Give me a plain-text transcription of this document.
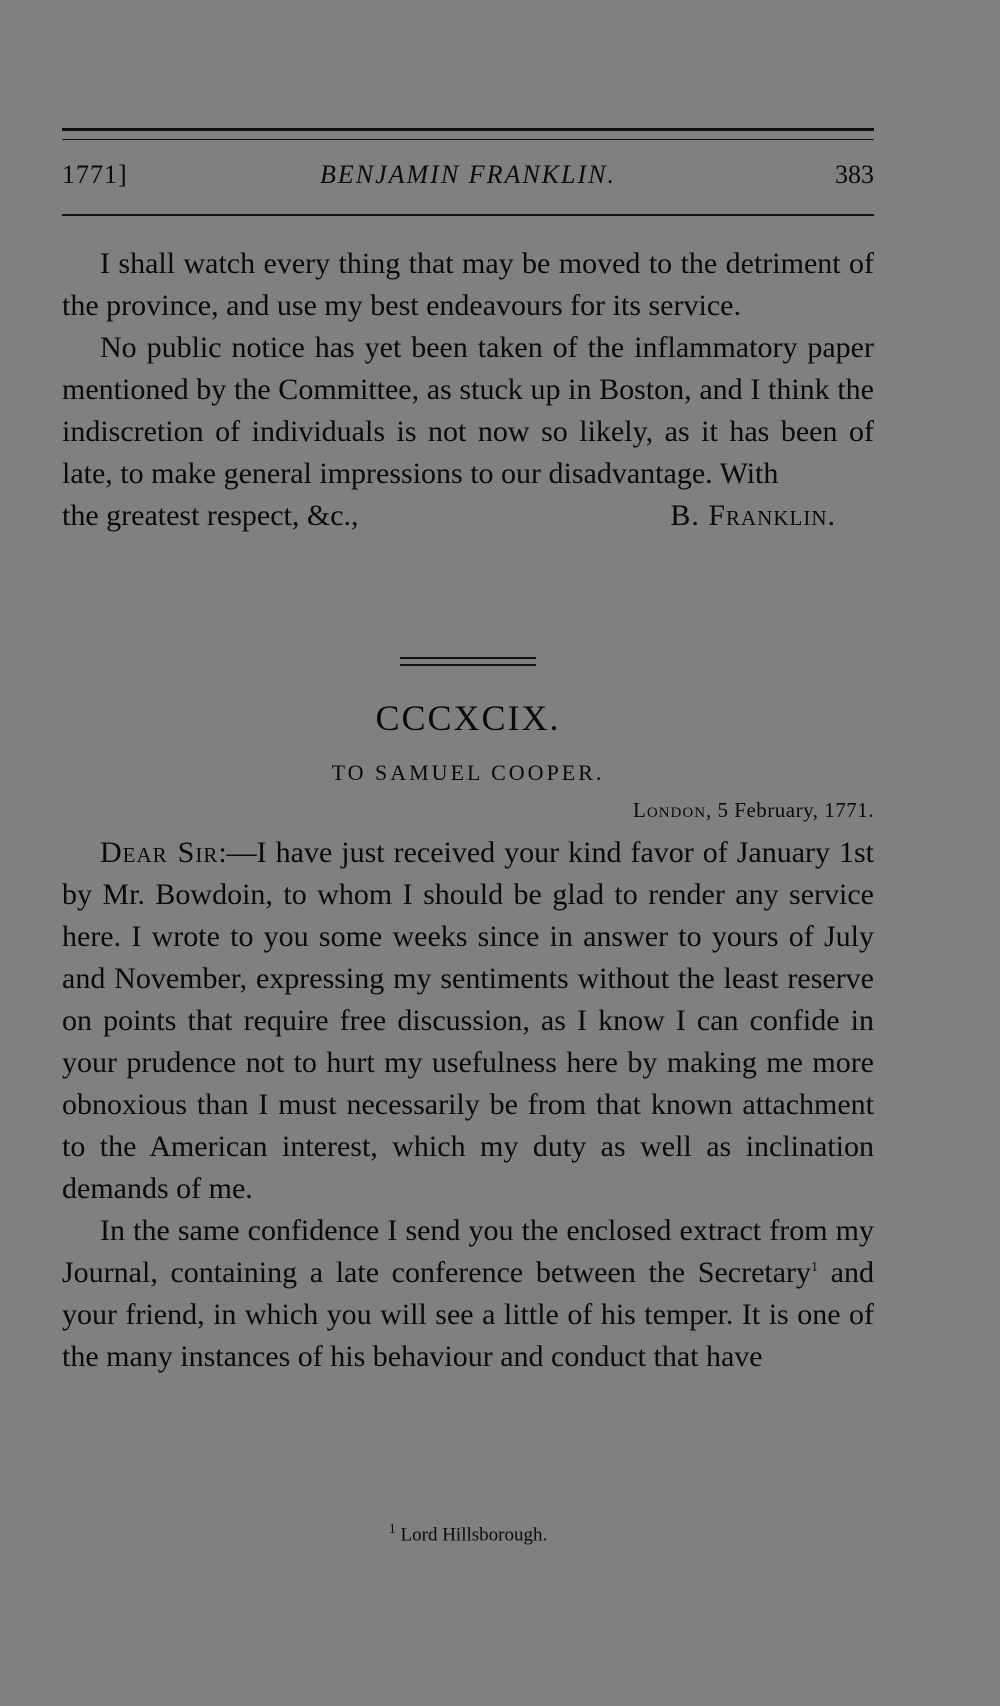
1771]	BENJAMIN FRANKLIN.	383

I shall watch every thing that may be moved to the detriment of the province, and use my best endeavours for its service.

No public notice has yet been taken of the inflammatory paper mentioned by the Committee, as stuck up in Boston, and I think the indiscretion of individuals is not now so likely, as it has been of late, to make general impressions to our disadvantage. With

the greatest respect, &c.,	B. Franklin.

CCCXCIX.
TO SAMUEL COOPER.
London, 5 February, 1771.

Dear Sir:—I have just received your kind favor of January 1st by Mr. Bowdoin, to whom I should be glad to render any service here. I wrote to you some weeks since in answer to yours of July and November, expressing my sentiments without the least reserve on points that require free discussion, as I know I can confide in your prudence not to hurt my usefulness here by making me more obnoxious than I must necessarily be from that known attachment to the American interest, which my duty as well as inclination demands of me.

In the same confidence I send you the enclosed extract from my Journal, containing a late conference between the Secretary$^1$ and your friend, in which you will see a little of his temper. It is one of the many instances of his behaviour and conduct that have

$^1$ Lord Hillsborough.
